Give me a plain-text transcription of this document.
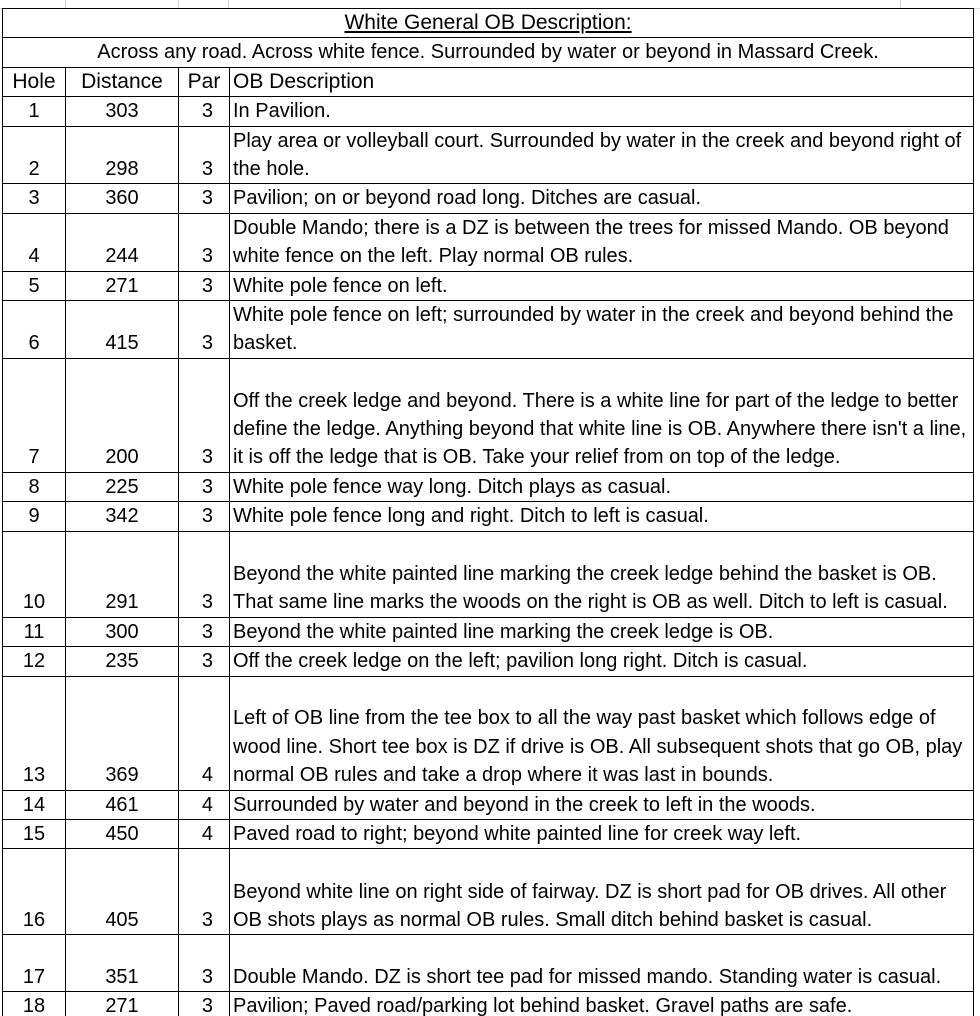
White General OB Description:			
Across any road. Across white fence. Surrounded by water or beyond in Massard Creek.			
Hole	Distance	Par	OB Description
1	303	3	In Pavilion.
2	298	3	Play area or volleyball court. Surrounded by water in the creek and beyond right of the hole.
3	360	3	Pavilion; on or beyond road long. Ditches are casual.
4	244	3	Double Mando; there is a DZ is between the trees for missed Mando. OB beyond white fence on the left. Play normal OB rules.
5	271	3	White pole fence on left.
6	415	3	White pole fence on left; surrounded by water in the creek and beyond behind the basket.
7	200	3	Off the creek ledge and beyond. There is a white line for part of the ledge to better define the ledge. Anything beyond that white line is OB. Anywhere there isn't a line, it is off the ledge that is OB. Take your relief from on top of the ledge.
8	225	3	White pole fence way long. Ditch plays as casual.
9	342	3	White pole fence long and right. Ditch to left is casual.
10	291	3	Beyond the white painted line marking the creek ledge behind the basket is OB. That same line marks the woods on the right is OB as well. Ditch to left is casual.
11	300	3	Beyond the white painted line marking the creek ledge is OB.
12	235	3	Off the creek ledge on the left; pavilion long right. Ditch is casual.
13	369	4	Left of OB line from the tee box to all the way past basket which follows edge of wood line. Short tee box is DZ if drive is OB. All subsequent shots that go OB, play normal OB rules and take a drop where it was last in bounds.
14	461	4	Surrounded by water and beyond in the creek to left in the woods.
15	450	4	Paved road to right; beyond white painted line for creek way left.
16	405	3	Beyond white line on right side of fairway. DZ is short pad for OB drives. All other OB shots plays as normal OB rules. Small ditch behind basket is casual.
17	351	3	Double Mando. DZ is short tee pad for missed mando. Standing water is casual.
18	271	3	Pavilion; Paved road/parking lot behind basket. Gravel paths are safe.
